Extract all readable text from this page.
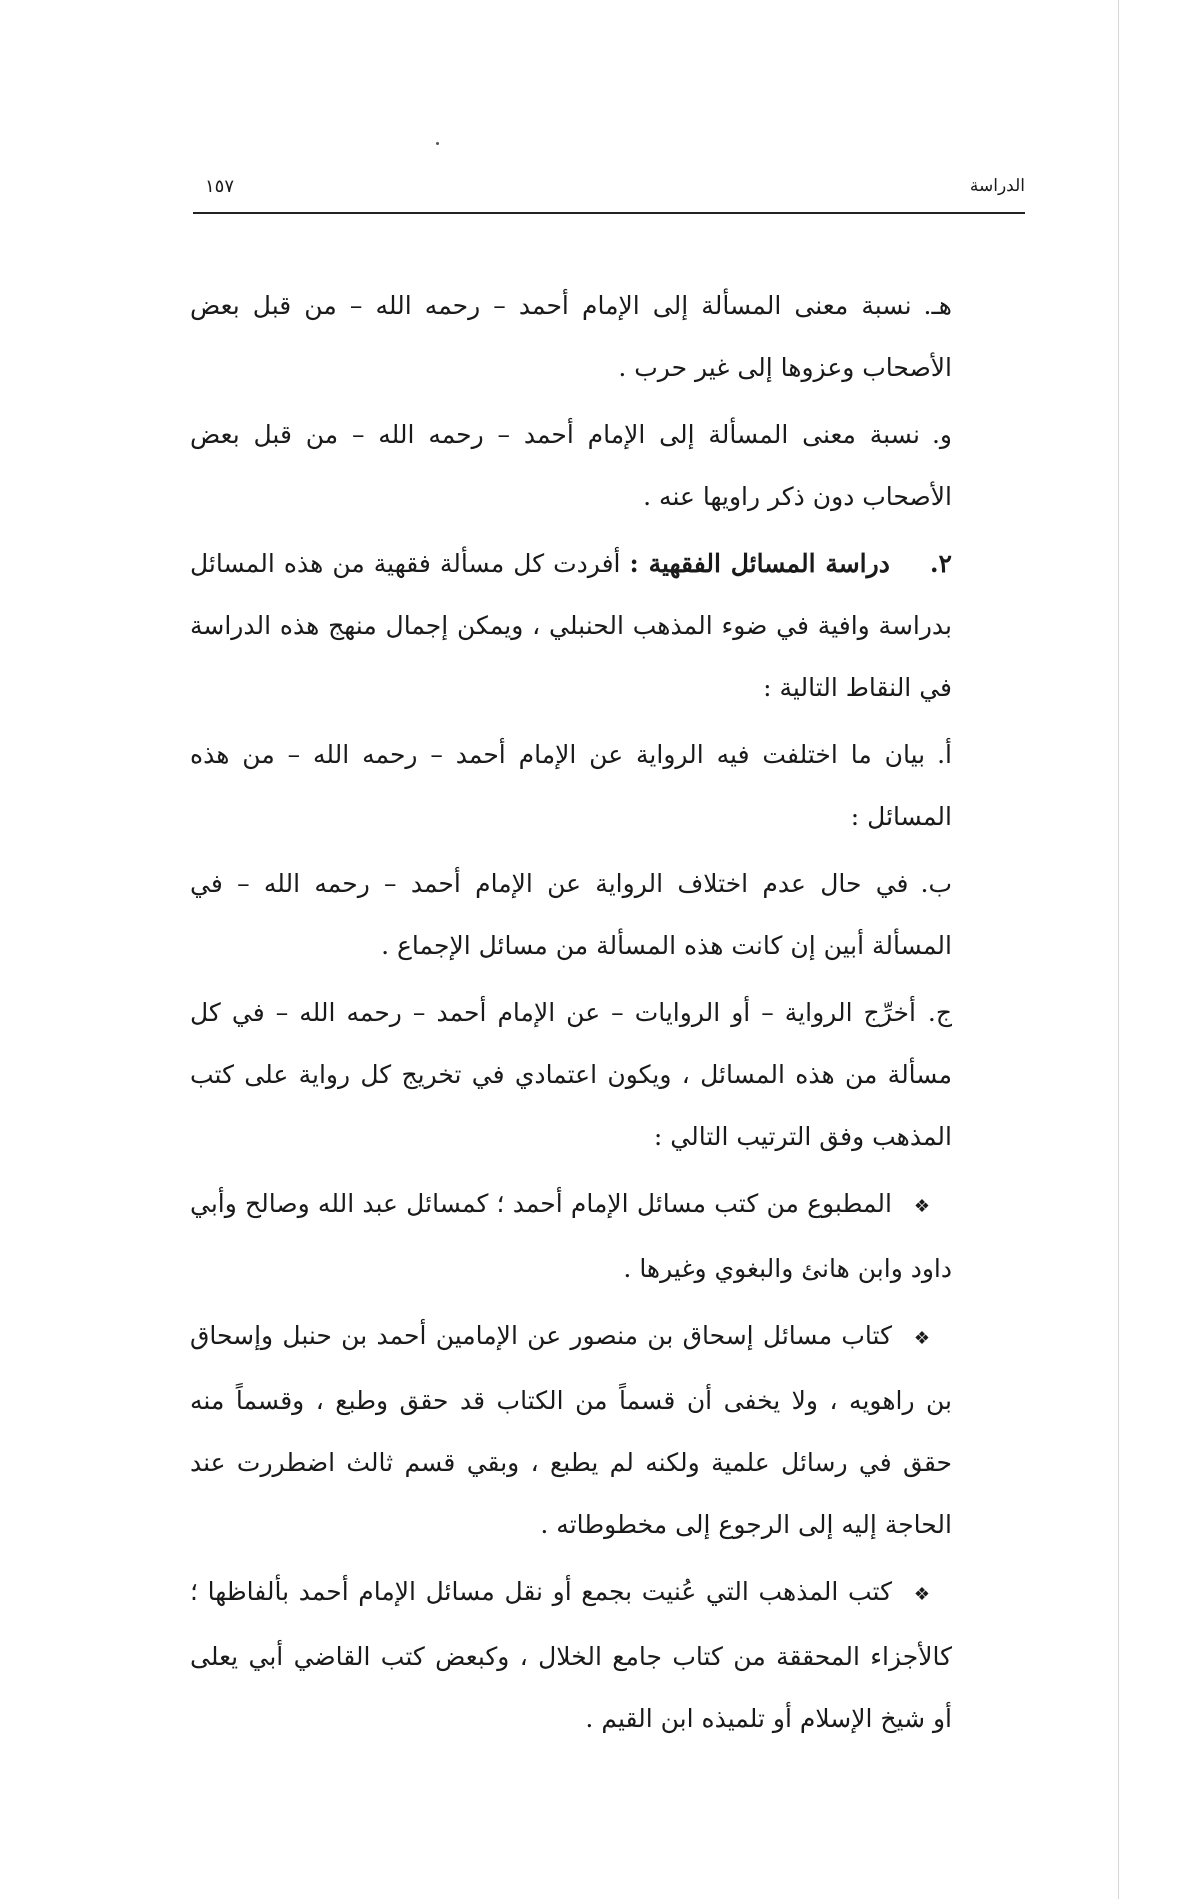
الدراسة
١٥٧

هـ.نسبة معنى المسألة إلى الإمام أحمد – رحمه الله – من قبل بعض الأصحاب وعزوها إلى غير حرب .

و.نسبة معنى المسألة إلى الإمام أحمد – رحمه الله – من قبل بعض الأصحاب دون ذكر راويها عنه .

٢.دراسة المسائل الفقهية : أفردت كل مسألة فقهية من هذه المسائل بدراسة وافية في ضوء المذهب الحنبلي ، ويمكن إجمال منهج هذه الدراسة في النقاط التالية :

أ.بيان ما اختلفت فيه الرواية عن الإمام أحمد – رحمه الله – من هذه المسائل :

ب.في حال عدم اختلاف الرواية عن الإمام أحمد – رحمه الله – في المسألة أبين إن كانت هذه المسألة من مسائل الإجماع .

ج.أخرِّج الرواية – أو الروايات – عن الإمام أحمد – رحمه الله – في كل مسألة من هذه المسائل ، ويكون اعتمادي في تخريج كل رواية على كتب المذهب وفق الترتيب التالي :

❖المطبوع من كتب مسائل الإمام أحمد ؛ كمسائل عبد الله وصالح وأبي داود وابن هانئ والبغوي وغيرها .

❖كتاب مسائل إسحاق بن منصور عن الإمامين أحمد بن حنبل وإسحاق بن راهويه ، ولا يخفى أن قسماً من الكتاب قد حقق وطبع ، وقسماً منه حقق في رسائل علمية ولكنه لم يطبع ، وبقي قسم ثالث اضطررت عند الحاجة إليه إلى الرجوع إلى مخطوطاته .

❖كتب المذهب التي عُنيت بجمع أو نقل مسائل الإمام أحمد بألفاظها ؛ كالأجزاء المحققة من كتاب جامع الخلال ، وكبعض كتب القاضي أبي يعلى أو شيخ الإسلام أو تلميذه ابن القيم .
